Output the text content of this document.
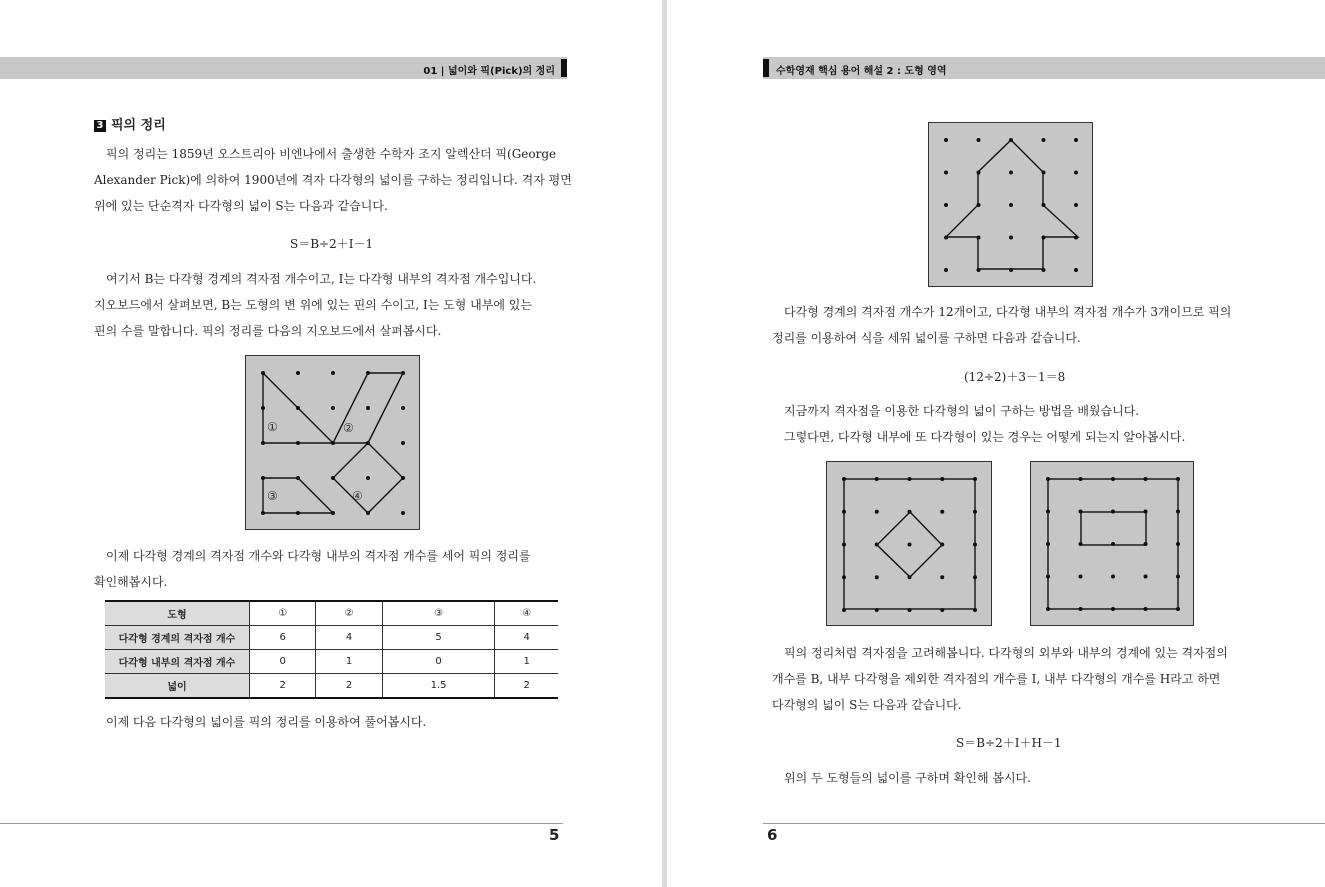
01 | 넓이와 픽(Pick)의 정리
3 픽의 정리
픽의 정리는 1859년 오스트리아 비엔나에서 출생한 수학자 조지 알렉산더 픽(George
Alexander Pick)에 의하여 1900년에 격자 다각형의 넓이를 구하는 정리입니다. 격자 평면
위에 있는 단순격자 다각형의 넓이 S는 다음과 같습니다.
S＝B÷2＋I－1
여기서 B는 다각형 경계의 격자점 개수이고, I는 다각형 내부의 격자점 개수입니다.
지오보드에서 살펴보면, B는 도형의 변 위에 있는 핀의 수이고, I는 도형 내부에 있는
핀의 수를 말합니다. 픽의 정리를 다음의 지오보드에서 살펴봅시다.
①	②
③	④
이제 다각형 경계의 격자점 개수와 다각형 내부의 격자점 개수를 세어 픽의 정리를
확인해봅시다.
도형	①	②	③	④
다각형 경계의 격자점 개수	6	4	5	4
다각형 내부의 격자점 개수	0	1	0	1
넓이	2	2	1.5	2
이제 다음 다각형의 넓이를 픽의 정리를 이용하여 풀어봅시다.
5
수학영재 핵심 용어 해설 2 : 도형 영역
다각형 경계의 격자점 개수가 12개이고, 다각형 내부의 격자점 개수가 3개이므로 픽의
정리를 이용하여 식을 세워 넓이를 구하면 다음과 같습니다.
(12÷2)＋3－1＝8
지금까지 격자점을 이용한 다각형의 넓이 구하는 방법을 배웠습니다.
그렇다면, 다각형 내부에 또 다각형이 있는 경우는 어떻게 되는지 알아봅시다.
픽의 정리처럼 격자점을 고려해봅니다. 다각형의 외부와 내부의 경계에 있는 격자점의
개수를 B, 내부 다각형을 제외한 격자점의 개수를 I, 내부 다각형의 개수를 H라고 하면
다각형의 넓이 S는 다음과 같습니다.
S＝B÷2＋I＋H－1
위의 두 도형들의 넓이를 구하며 확인해 봅시다.
6
